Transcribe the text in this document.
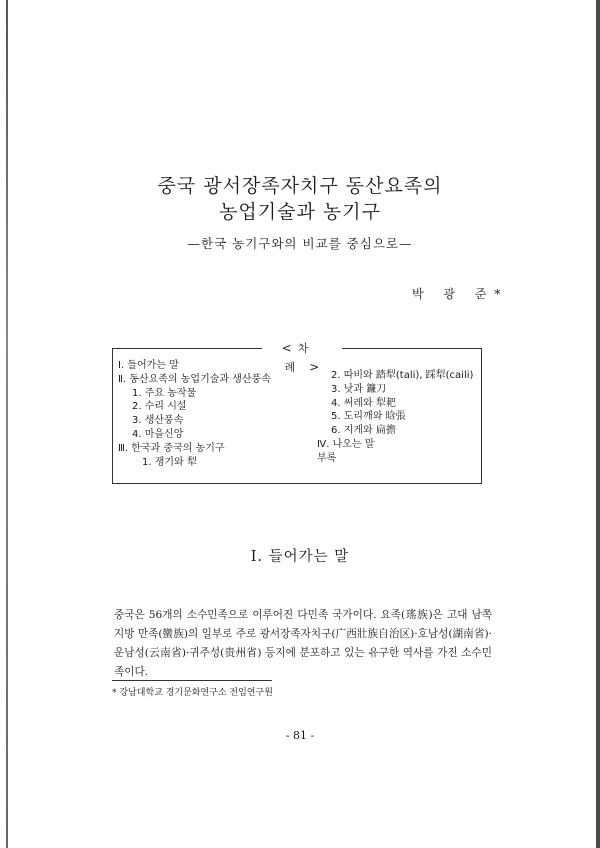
중국 광서장족자치구 동산요족의
농업기술과 농기구
—한국 농기구와의 비교를 중심으로—
박 광 준*
< 차 례>
Ⅰ. 들어가는 말
Ⅱ. 동산요족의 농업기술과 생산풍속
1. 주요 농작물
2. 수리 시설
3. 생산풍속
4. 마을신앙
Ⅲ. 한국과 중국의 농기구
1. 쟁기와 犁
2. 따비와 踏犁(tali), 踩犁(caili)
3. 낫과 鐮刀
4. 써레와 犁耙
5. 도리깨와 晗張
6. 지게와 扁擔
Ⅳ. 나오는 말
부록
Ⅰ. 들어가는 말
중국은 56개의 소수민족으로 이루어진 다민족 국가이다. 요족(瑤族)은 고대 남쪽지방 만족(蠻族)의 일부로 주로 광서장족자치구(广西壯族自治区)·호남성(湖南省)·운남성(云南省)·귀주성(贵州省) 등지에 분포하고 있는 유구한 역사를 가진 소수민족이다.
* 강남대학교 경기문화연구소 전임연구원
- 81 -
